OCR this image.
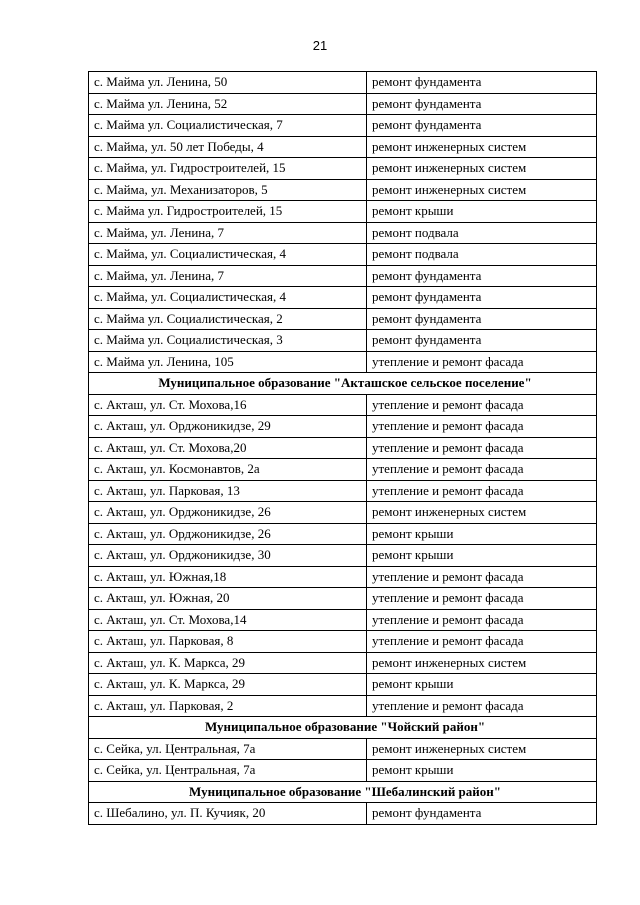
21
с. Майма ул. Ленина, 50	ремонт фундамента
с. Майма ул. Ленина, 52	ремонт фундамента
с. Майма ул. Социалистическая, 7	ремонт фундамента
с. Майма, ул. 50 лет Победы, 4	ремонт инженерных систем
с. Майма, ул. Гидростроителей, 15	ремонт инженерных систем
с. Майма, ул. Механизаторов, 5	ремонт инженерных систем
с. Майма ул. Гидростроителей, 15	ремонт крыши
с. Майма, ул. Ленина, 7	ремонт подвала
с. Майма, ул. Социалистическая, 4	ремонт подвала
с. Майма, ул. Ленина, 7	ремонт фундамента
с. Майма, ул. Социалистическая, 4	ремонт фундамента
с. Майма ул. Социалистическая, 2	ремонт фундамента
с. Майма ул. Социалистическая, 3	ремонт фундамента
с. Майма ул. Ленина, 105	утепление и ремонт фасада
Муниципальное образование "Акташское сельское поселение"	
с. Акташ, ул. Ст. Мохова,16	утепление и ремонт фасада
с. Акташ, ул. Орджоникидзе, 29	утепление и ремонт фасада
с. Акташ, ул. Ст. Мохова,20	утепление и ремонт фасада
с. Акташ, ул. Космонавтов, 2а	утепление и ремонт фасада
с. Акташ, ул. Парковая, 13	утепление и ремонт фасада
с. Акташ, ул. Орджоникидзе, 26	ремонт инженерных систем
с. Акташ, ул. Орджоникидзе, 26	ремонт крыши
с. Акташ, ул. Орджоникидзе, 30	ремонт крыши
с. Акташ, ул. Южная,18	утепление и ремонт фасада
с. Акташ, ул. Южная, 20	утепление и ремонт фасада
с. Акташ, ул. Ст. Мохова,14	утепление и ремонт фасада
с. Акташ, ул. Парковая, 8	утепление и ремонт фасада
с. Акташ, ул. К. Маркса, 29	ремонт инженерных систем
с. Акташ, ул. К. Маркса, 29	ремонт крыши
с. Акташ, ул. Парковая, 2	утепление и ремонт фасада
Муниципальное образование "Чойский район"	
с. Сейка, ул. Центральная, 7а	ремонт инженерных систем
с. Сейка, ул. Центральная, 7а	ремонт крыши
Муниципальное образование "Шебалинский район"	
с. Шебалино, ул. П. Кучияк, 20	ремонт фундамента
